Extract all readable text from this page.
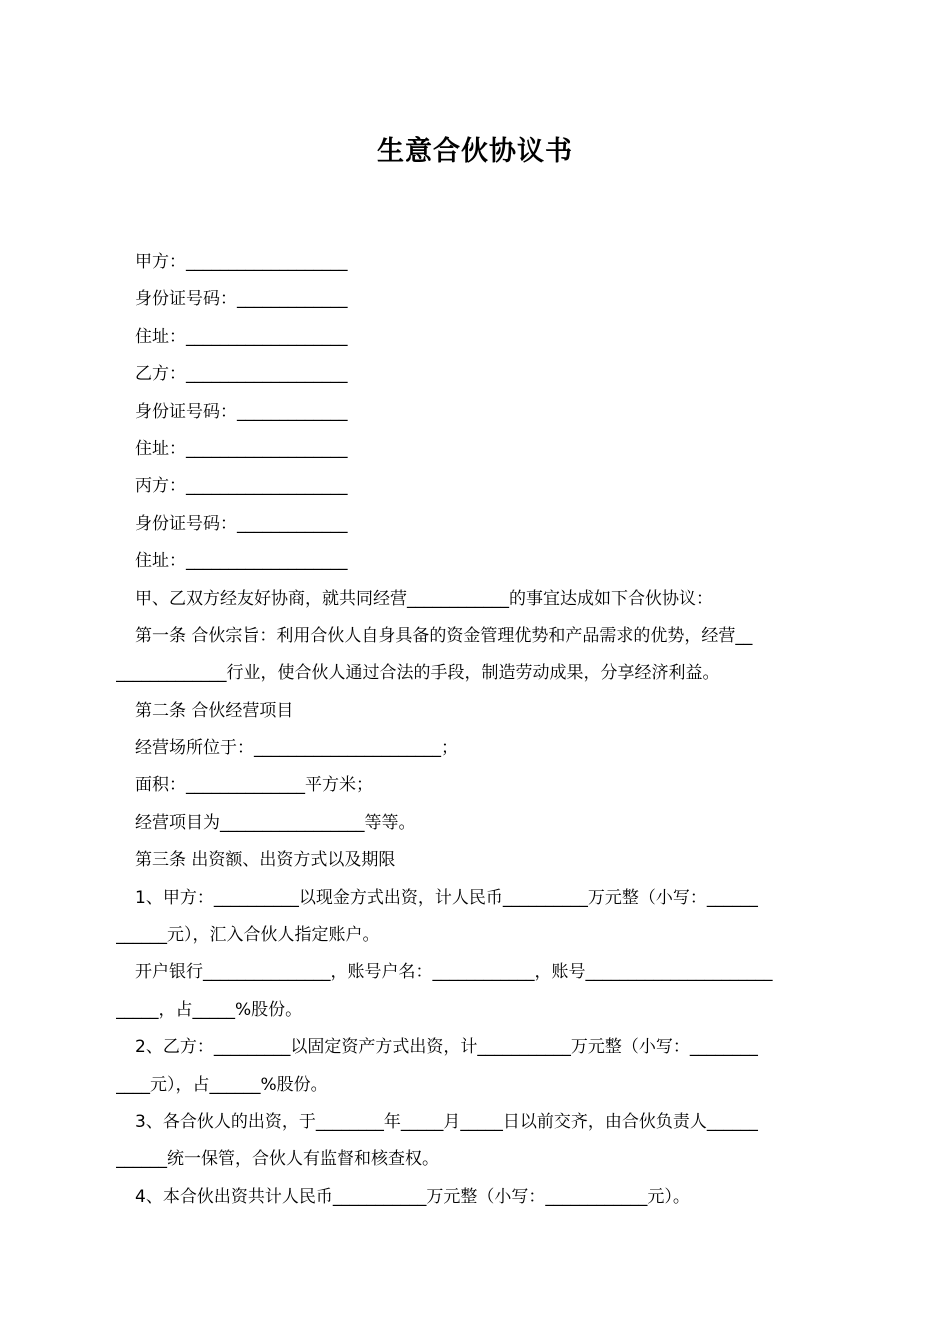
生意合伙协议书
甲方：___________________
身份证号码：_____________
住址：___________________
乙方：___________________
身份证号码：_____________
住址：___________________
丙方：___________________
身份证号码：_____________
住址：___________________
甲、乙双方经友好协商，就共同经营____________的事宜达成如下合伙协议：
第一条 合伙宗旨：利用合伙人自身具备的资金管理优势和产品需求的优势，经营__
_____________行业，使合伙人通过合法的手段，制造劳动成果，分享经济利益。
第二条 合伙经营项目
经营场所位于：______________________；
面积：______________平方米；
经营项目为_________________等等。
第三条 出资额、出资方式以及期限
1、甲方：__________以现金方式出资，计人民币__________万元整（小写：______
______元），汇入合伙人指定账户。
开户银行_______________，账号户名：____________，账号______________________
_____，占_____%股份。
2、乙方：_________以固定资产方式出资，计___________万元整（小写：________
____元），占______%股份。
3、各合伙人的出资，于________年_____月_____日以前交齐，由合伙负责人______
______统一保管，合伙人有监督和核查权。
4、本合伙出资共计人民币___________万元整（小写：____________元）。
